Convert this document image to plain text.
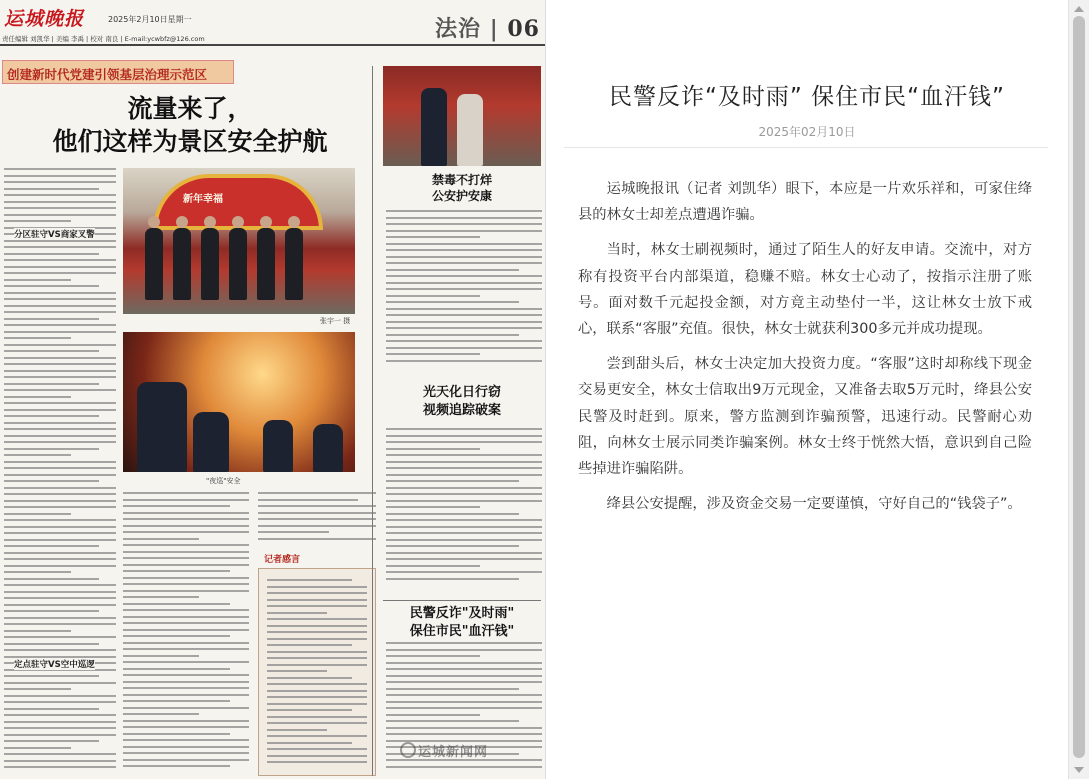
运城晚报	2025年2月10日星期一
责任编辑 刘凯华 | 美编 李禹 | 校对 南良 | E-mail:ycwbfz@126.com	法治 | 06
创建新时代党建引领基层治理示范区
流量来了，
他们这样为景区安全护航
分区驻守VS商家叉警
定点驻守VS空中巡逻
新年幸福
张宇一 摄
"夜巡"安全
记者感言
禁毒不打烊
公安护安康
光天化日行窃
视频追踪破案
民警反诈"及时雨"
保住市民"血汗钱"
运城新闻网
民警反诈“及时雨” 保住市民“血汗钱”
2025年02月10日

运城晚报讯（记者 刘凯华）眼下，本应是一片欢乐祥和，可家住绛县的林女士却差点遭遇诈骗。

当时，林女士刷视频时，通过了陌生人的好友申请。交流中，对方称有投资平台内部渠道，稳赚不赔。林女士心动了，按指示注册了账号。面对数千元起投金额，对方竟主动垫付一半，这让林女士放下戒心，联系“客服”充值。很快，林女士就获利300多元并成功提现。

尝到甜头后，林女士决定加大投资力度。“客服”这时却称线下现金交易更安全，林女士信取出9万元现金，又准备去取5万元时，绛县公安民警及时赶到。原来，警方监测到诈骗预警，迅速行动。民警耐心劝阻，向林女士展示同类诈骗案例。林女士终于恍然大悟，意识到自己险些掉进诈骗陷阱。

绛县公安提醒，涉及资金交易一定要谨慎，守好自己的“钱袋子”。
